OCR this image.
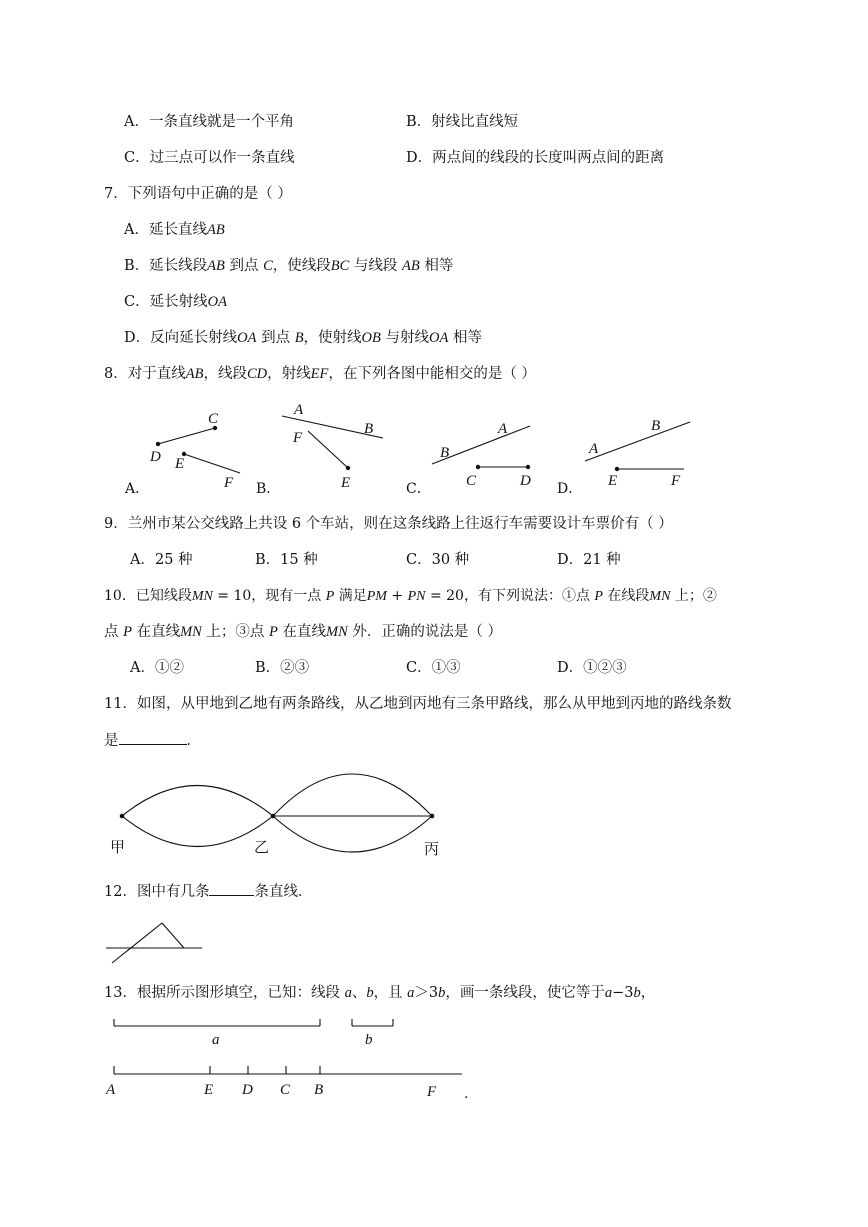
A．一条直线就是一个平角	B．射线比直线短
C．过三点可以作一条直线	D．两点间的线段的长度叫两点间的距离
7．下列语句中正确的是（ ）
A．延长直线AB
B．延长线段AB 到点 C，使线段BC 与线段 AB 相等
C．延长射线OA
D．反向延长射线OA 到点 B，使射线OB 与射线OA 相等
8．对于直线AB，线段CD，射线EF，在下列各图中能相交的是（ ）
C
D E
F
A．
A
B
F
E
B．
B
A
C	D
C．
A
B
E	F
D．
9．兰州市某公交线路上共设 6 个车站，则在这条线路上往返行车需要设计车票价有（ ）
A．25 种	B．15 种	C．30 种	D．21 种
10．已知线段MN = 10，现有一点 P 满足PM + PN = 20，有下列说法：①点 P 在线段MN 上；②
点 P 在直线MN 上；③点 P 在直线MN 外．正确的说法是（ ）
A．①②	B．②③	C．①③	D．①②③
11．如图，从甲地到乙地有两条路线，从乙地到丙地有三条甲路线，那么从甲地到丙地的路线条数
是	．
甲	乙	丙
12．图中有几条	条直线．
13．根据所示图形填空，已知：线段 a、b，且 a＞3b，画一条线段，使它等于a−3b，
a	b
A	E D C B	F .
